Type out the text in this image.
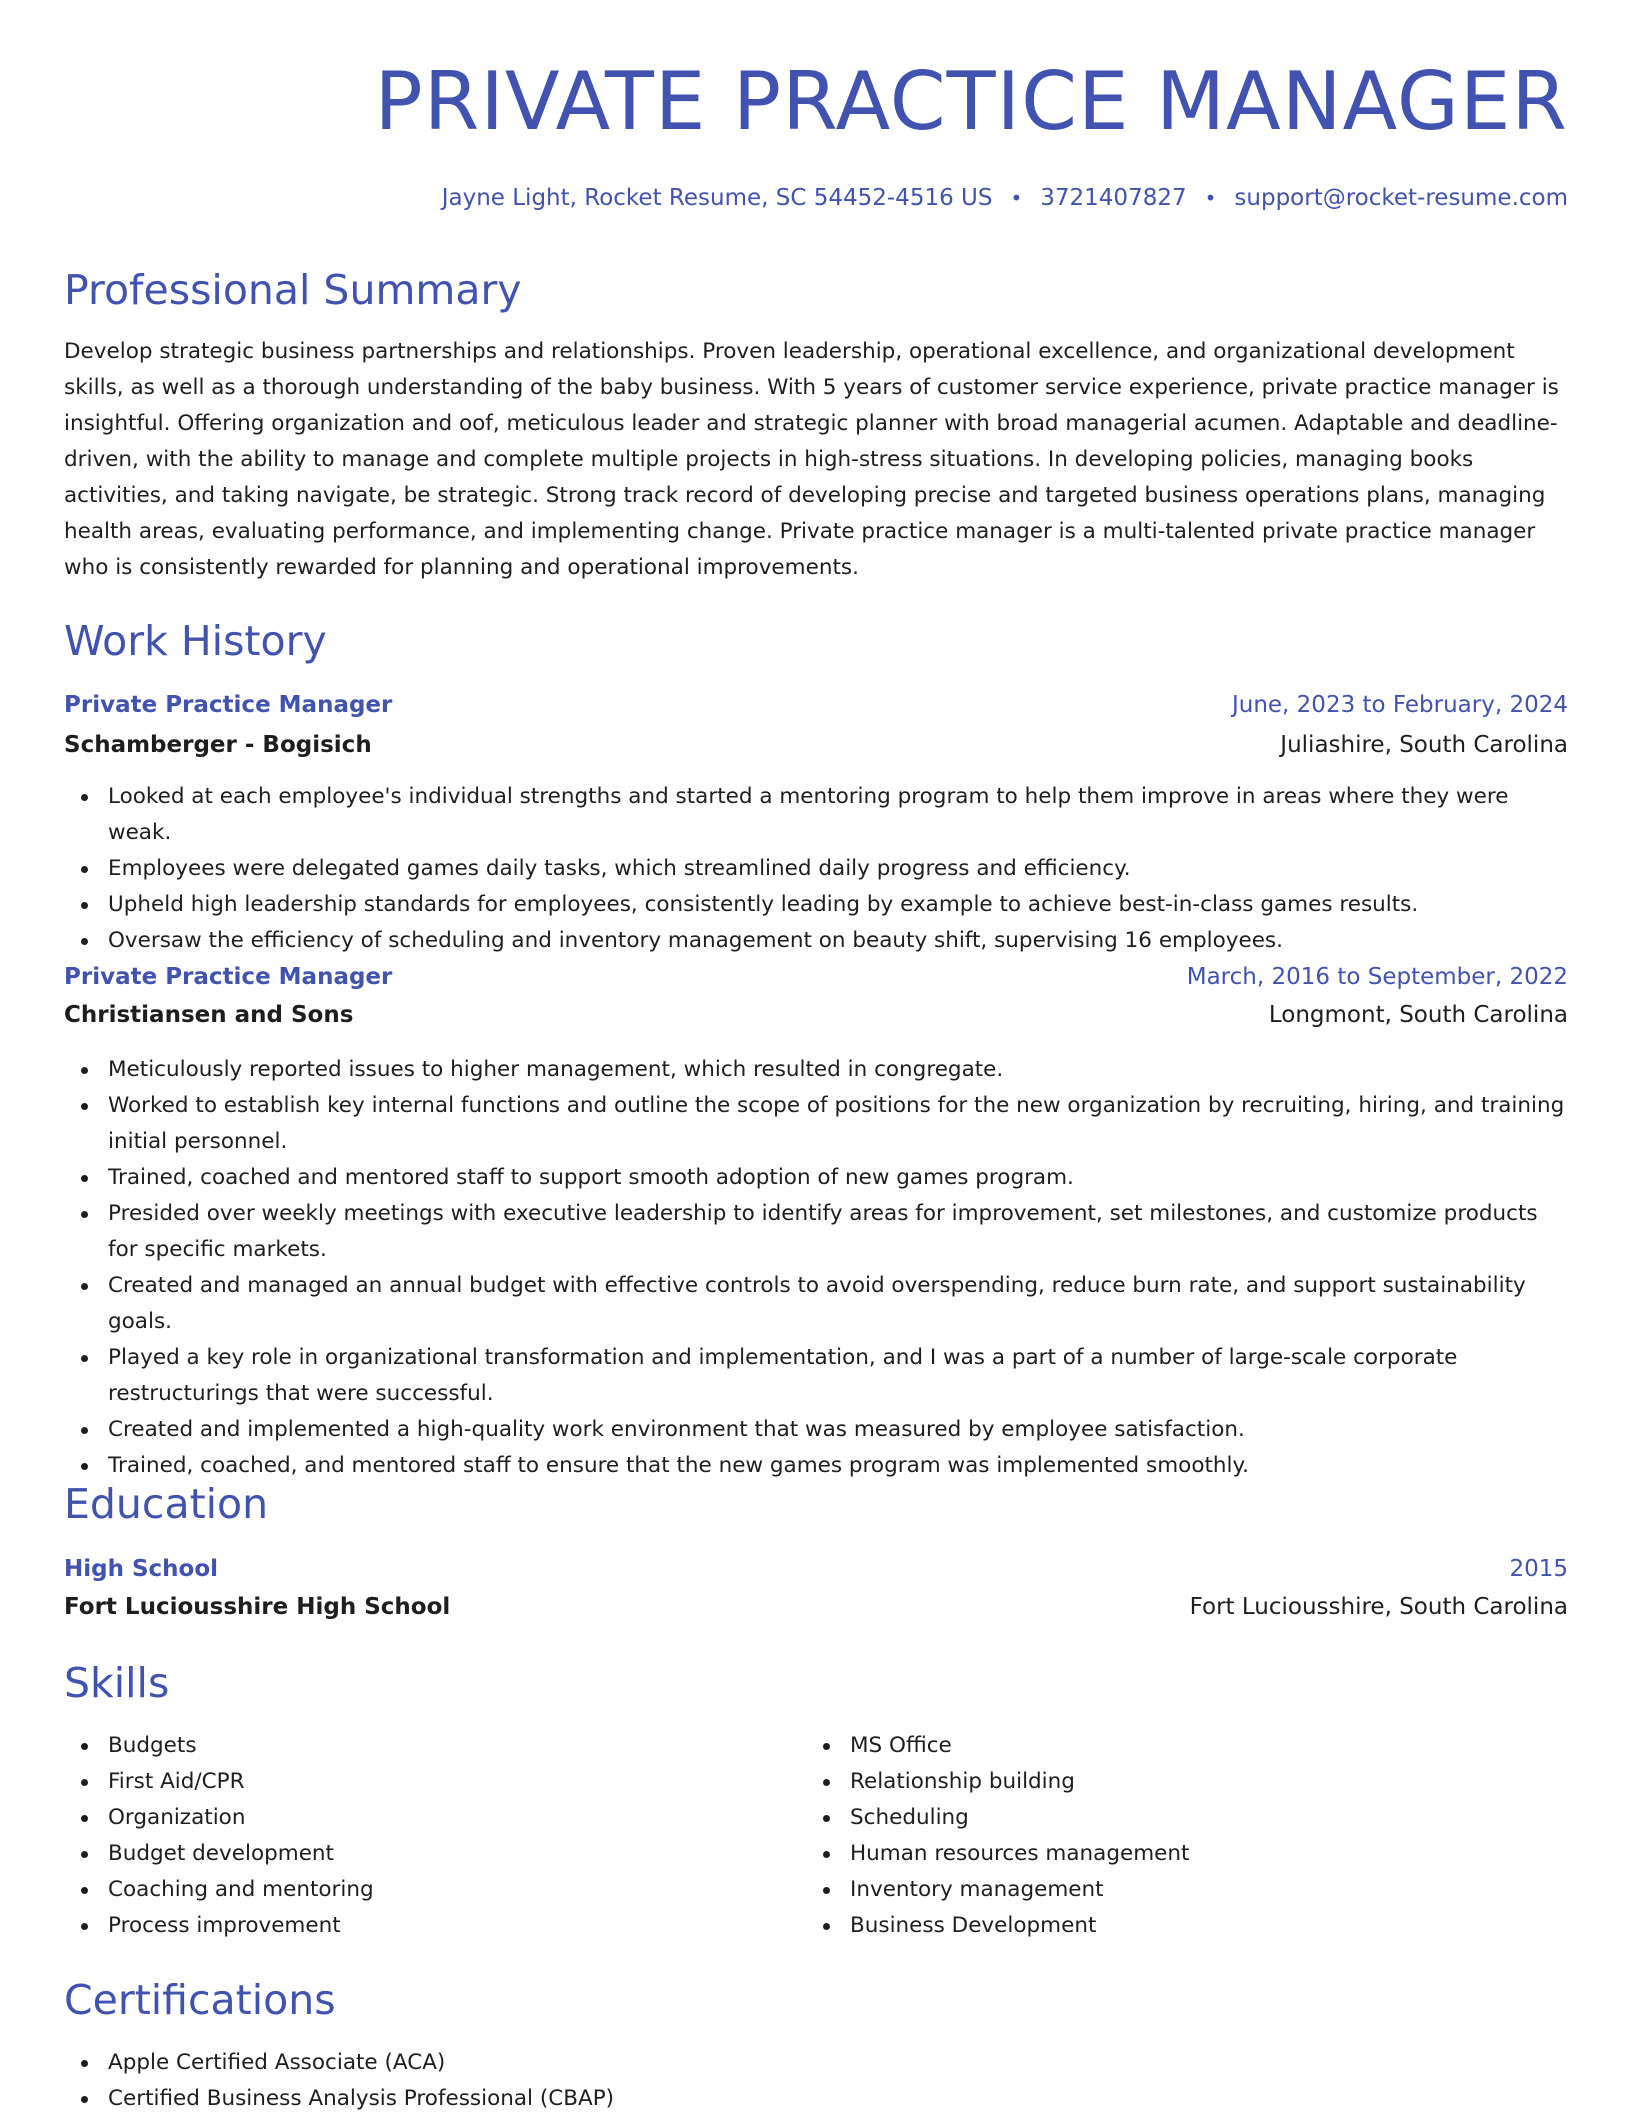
PRIVATE PRACTICE MANAGER
Jayne Light, Rocket Resume, SC 54452-4516 US • 3721407827 • support@rocket-resume.com
Professional Summary

Develop strategic business partnerships and relationships. Proven leadership, operational excellence, and organizational development skills, as well as a thorough understanding of the baby business. With 5 years of customer service experience, private practice manager is insightful. Offering organization and oof, meticulous leader and strategic planner with broad managerial acumen. Adaptable and deadline-driven, with the ability to manage and complete multiple projects in high-stress situations. In developing policies, managing books activities, and taking navigate, be strategic. Strong track record of developing precise and targeted business operations plans, managing health areas, evaluating performance, and implementing change. Private practice manager is a multi-talented private practice manager who is consistently rewarded for planning and operational improvements.

Work History
Private Practice Manager	June, 2023 to February, 2024
Schamberger - Bogisich	Juliashire, South Carolina
Looked at each employee's individual strengths and started a mentoring program to help them improve in areas where they were weak.
Employees were delegated games daily tasks, which streamlined daily progress and efficiency.
Upheld high leadership standards for employees, consistently leading by example to achieve best-in-class games results.
Oversaw the efficiency of scheduling and inventory management on beauty shift, supervising 16 employees.
Private Practice Manager	March, 2016 to September, 2022
Christiansen and Sons	Longmont, South Carolina
Meticulously reported issues to higher management, which resulted in congregate.
Worked to establish key internal functions and outline the scope of positions for the new organization by recruiting, hiring, and training initial personnel.
Trained, coached and mentored staff to support smooth adoption of new games program.
Presided over weekly meetings with executive leadership to identify areas for improvement, set milestones, and customize products for specific markets.
Created and managed an annual budget with effective controls to avoid overspending, reduce burn rate, and support sustainability goals.
Played a key role in organizational transformation and implementation, and I was a part of a number of large-scale corporate restructurings that were successful.
Created and implemented a high-quality work environment that was measured by employee satisfaction.
Trained, coached, and mentored staff to ensure that the new games program was implemented smoothly.
Education
High School	2015
Fort Luciousshire High School	Fort Luciousshire, South Carolina
Skills
Budgets
First Aid/CPR
Organization
Budget development
Coaching and mentoring
Process improvement
MS Office
Relationship building
Scheduling
Human resources management
Inventory management
Business Development
Certifications
Apple Certified Associate (ACA)
Certified Business Analysis Professional (CBAP)
